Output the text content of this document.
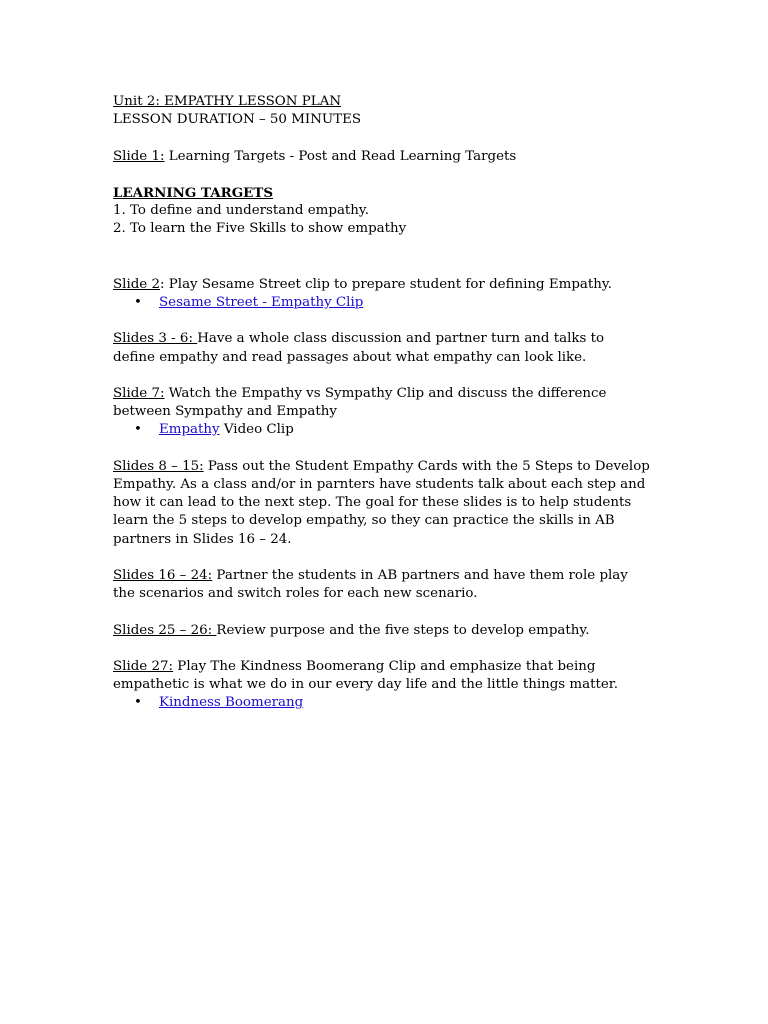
Unit 2: EMPATHY LESSON PLAN
LESSON DURATION – 50 MINUTES
Slide 1: Learning Targets - Post and Read Learning Targets
LEARNING TARGETS
1. To define and understand empathy.
2. To learn the Five Skills to show empathy
Slide 2: Play Sesame Street clip to prepare student for defining Empathy.
• Sesame Street - Empathy Clip
Slides 3 - 6: Have a whole class discussion and partner turn and talks to define empathy and read passages about what empathy can look like.
Slide 7: Watch the Empathy vs Sympathy Clip and discuss the difference between Sympathy and Empathy
• Empathy Video Clip
Slides 8 – 15: Pass out the Student Empathy Cards with the 5 Steps to Develop Empathy. As a class and/or in parnters have students talk about each step and how it can lead to the next step. The goal for these slides is to help students learn the 5 steps to develop empathy, so they can practice the skills in AB partners in Slides 16 – 24.
Slides 16 – 24: Partner the students in AB partners and have them role play the scenarios and switch roles for each new scenario.
Slides 25 – 26: Review purpose and the five steps to develop empathy.
Slide 27: Play The Kindness Boomerang Clip and emphasize that being empathetic is what we do in our every day life and the little things matter.
• Kindness Boomerang
